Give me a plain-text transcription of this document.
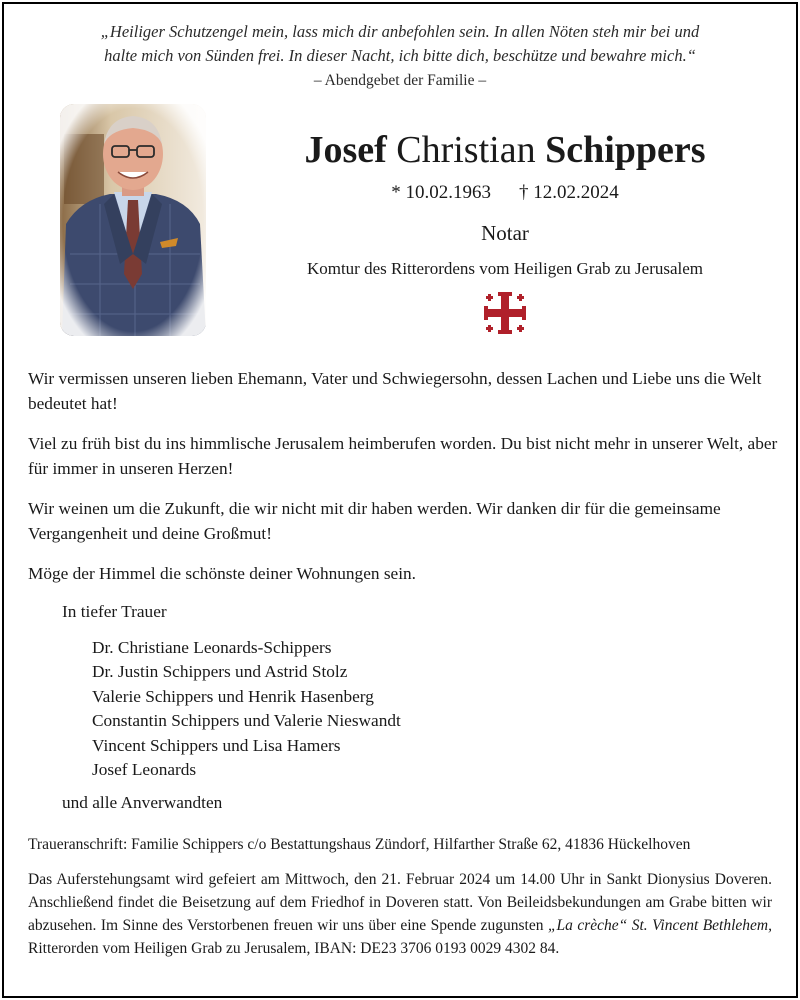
„Heiliger Schutzengel mein, lass mich dir anbefohlen sein. In allen Nöten steh mir bei und
halte mich von Sünden frei. In dieser Nacht, ich bitte dich, beschütze und bewahre mich.“
– Abendgebet der Familie –
Josef Christian Schippers
* 10.02.1963 † 12.02.2024
Notar
Komtur des Ritterordens vom Heiligen Grab zu Jerusalem

Wir vermissen unseren lieben Ehemann, Vater und Schwiegersohn, dessen Lachen und Liebe uns die Welt bedeutet hat!

Viel zu früh bist du ins himmlische Jerusalem heimberufen worden. Du bist nicht mehr in unserer Welt, aber für immer in unseren Herzen!

Wir weinen um die Zukunft, die wir nicht mit dir haben werden. Wir danken dir für die gemeinsame Vergangenheit und deine Großmut!

Möge der Himmel die schönste deiner Wohnungen sein.

In tiefer Trauer
Dr. Christiane Leonards-Schippers
Dr. Justin Schippers und Astrid Stolz
Valerie Schippers und Henrik Hasenberg
Constantin Schippers und Valerie Nieswandt
Vincent Schippers und Lisa Hamers
Josef Leonards
und alle Anverwandten
Traueranschrift: Familie Schippers c/o Bestattungshaus Zündorf, Hilfarther Straße 62, 41836 Hückelhoven
Das Auferstehungsamt wird gefeiert am Mittwoch, den 21. Februar 2024 um 14.00 Uhr in Sankt Dionysius Doveren. Anschließend findet die Beisetzung auf dem Friedhof in Doveren statt. Von Beileidsbekundungen am Grabe bitten wir abzusehen. Im Sinne des Verstorbenen freuen wir uns über eine Spende zugunsten „La crèche“ St. Vincent Bethlehem, Ritterorden vom Heiligen Grab zu Jerusalem, IBAN: DE23 3706 0193 0029 4302 84.
